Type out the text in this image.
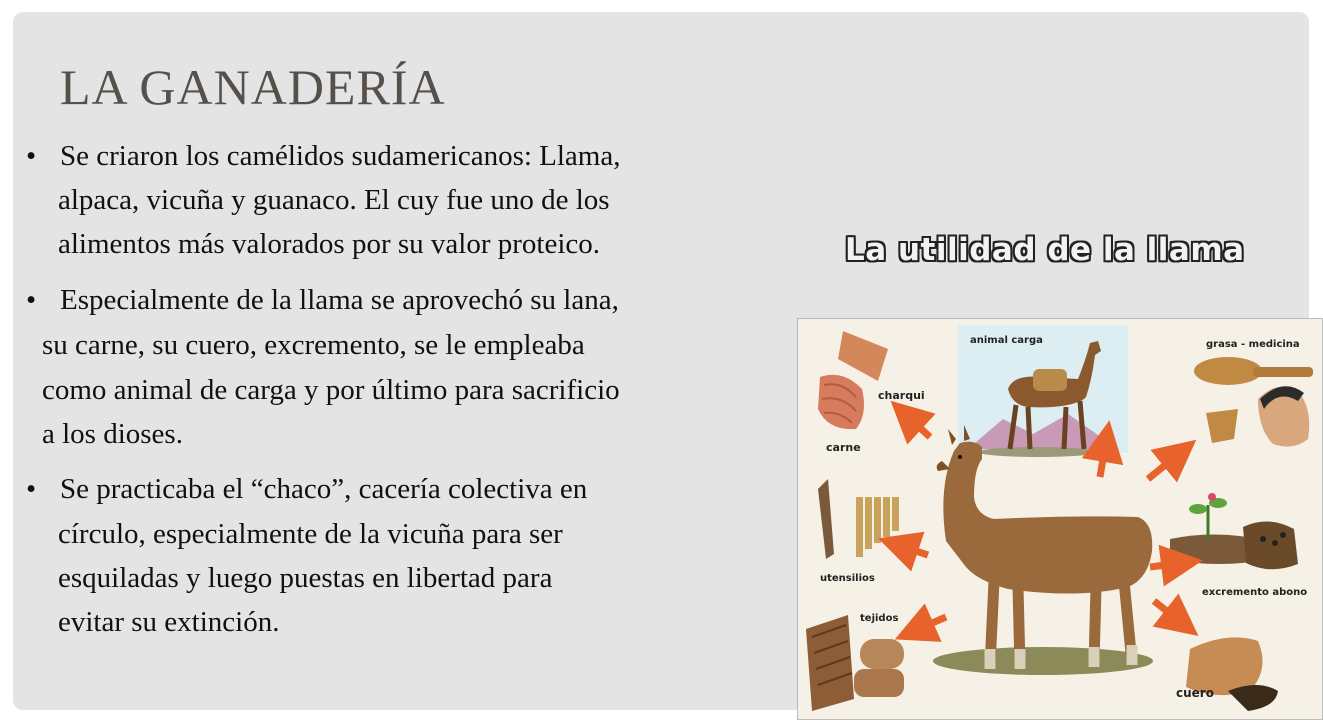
LA GANADERÍA
• Se criaron los camélidos sudamericanos: Llama,
alpaca, vicuña y guanaco. El cuy fue uno de los
alimentos más valorados por su valor proteico.
• Especialmente de la llama se aprovechó su lana,
su carne, su cuero, excremento, se le empleaba
como animal de carga y por último para sacrificio
a los dioses.
• Se practicaba el “chaco”, cacería colectiva en
círculo, especialmente de la vicuña para ser
esquiladas y luego puestas en libertad para
evitar su extinción.
La utilidad de la llama
animal carga	grasa - medicina
charqui
carne
utensilios
tejidos
excremento abono
cuero
